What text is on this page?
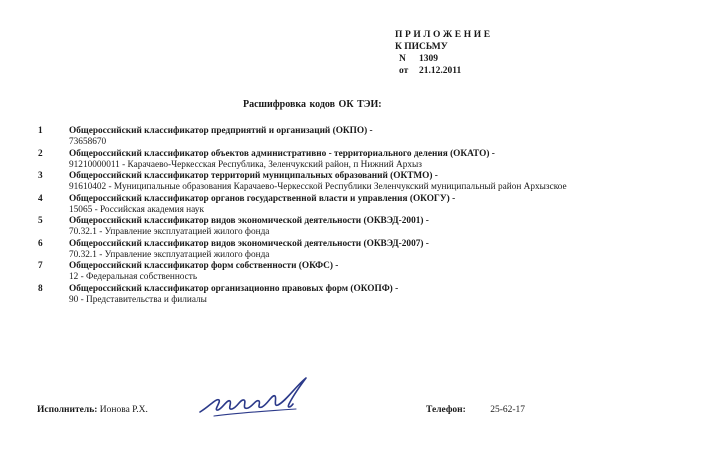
ПРИЛОЖЕНИЕ
К ПИСЬМУ
N	1309
от	21.12.2011
Расшифровка кодов ОК ТЭИ:
1	Общероссийский классификатор предприятий и организаций (ОКПО) -
73658670
2	Общероссийский классификатор объектов административно - территориального деления (ОКАТО) -
91210000011 - Карачаево-Черкесская Республика, Зеленчукский район, п Нижний Архыз
3	Общероссийский классификатор территорий муниципальных образований (ОКТМО) -
91610402 - Муниципальные образования Карачаево-Черкесской Республики Зеленчукский муниципальный район Архызское
4	Общероссийский классификатор органов государственной власти и управления (ОКОГУ) -
15065 - Российская академия наук
5	Общероссийский классификатор видов экономической деятельности (ОКВЭД-2001) -
70.32.1 - Управление эксплуатацией жилого фонда
6	Общероссийский классификатор видов экономической деятельности (ОКВЭД-2007) -
70.32.1 - Управление эксплуатацией жилого фонда
7	Общероссийский классификатор форм собственности (ОКФС) -
12 - Федеральная собственность
8	Общероссийский классификатор организационно правовых форм (ОКОПФ) -
90 - Представительства и филиалы
Исполнитель: Ионова Р.Х.	Телефон:	25-62-17
